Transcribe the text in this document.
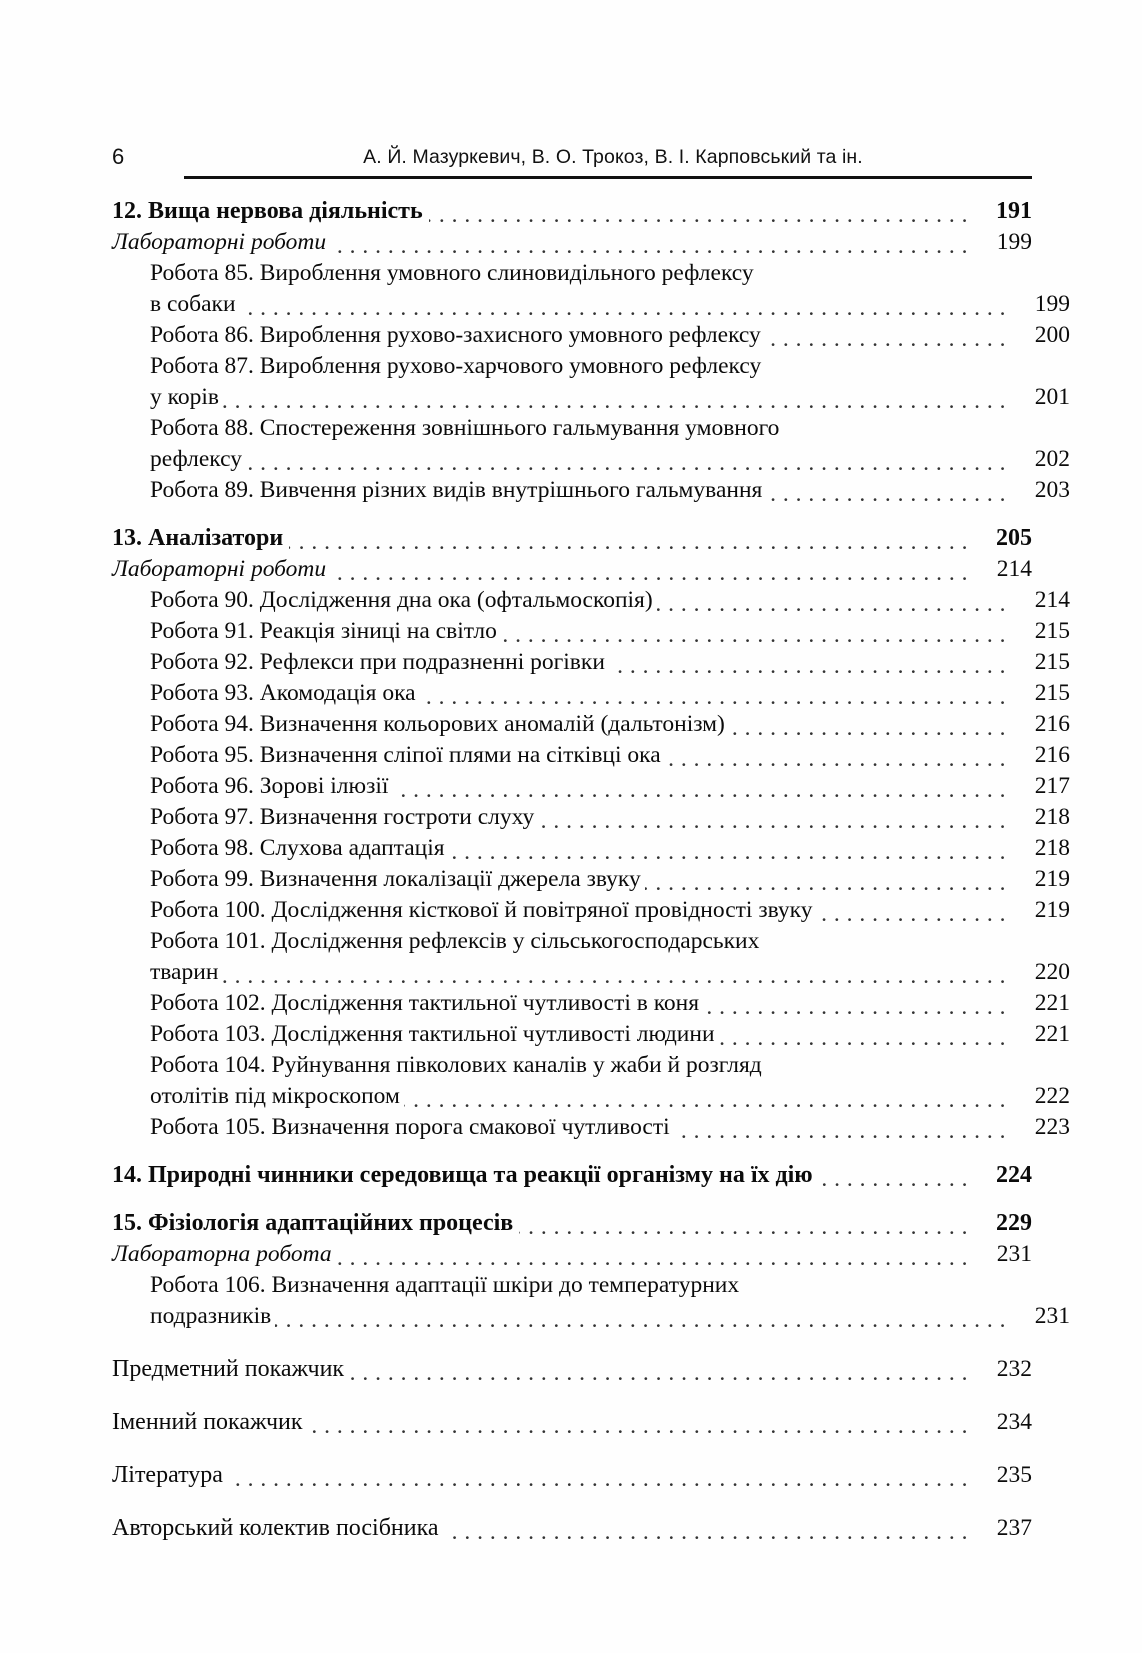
6	А. Й. Мазуркевич, В. О. Трокоз, В. І. Карповський та ін.
12. Вища нервова діяльність . . .	191
Лабораторні роботи . . .	199
Робота 85. Вироблення умовного слиновидільного рефлексу
в собаки . . .	199
Робота 86. Вироблення рухово-захисного умовного рефлексу . . .	200
Робота 87. Вироблення рухово-харчового умовного рефлексу
у корів . . .	201
Робота 88. Спостереження зовнішнього гальмування умовного
рефлексу . . .	202
Робота 89. Вивчення різних видів внутрішнього гальмування . . .	203
13. Аналізатори . . .	205
Лабораторні роботи . . .	214
Робота 90. Дослідження дна ока (офтальмоскопія) . . .	214
Робота 91. Реакція зіниці на світло . . .	215
Робота 92. Рефлекси при подразненні рогівки . . .	215
Робота 93. Акомодація ока . . .	215
Робота 94. Визначення кольорових аномалій (дальтонізм) . . .	216
Робота 95. Визначення сліпої плями на сітківці ока . . .	216
Робота 96. Зорові ілюзії . . .	217
Робота 97. Визначення гостроти слуху . . .	218
Робота 98. Слухова адаптація . . .	218
Робота 99. Визначення локалізації джерела звуку . . .	219
Робота 100. Дослідження кісткової й повітряної провідності звуку . . .	219
Робота 101. Дослідження рефлексів у сільськогосподарських
тварин . . .	220
Робота 102. Дослідження тактильної чутливості в коня . . .	221
Робота 103. Дослідження тактильної чутливості людини . . .	221
Робота 104. Руйнування півколових каналів у жаби й розгляд
отолітів під мікроскопом . . .	222
Робота 105. Визначення порога смакової чутливості . . .	223
14. Природні чинники середовища та реакції організму на їх дію . . .	224
15. Фізіологія адаптаційних процесів . . .	229
Лабораторна робота . . .	231
Робота 106. Визначення адаптації шкіри до температурних
подразників . . .	231
Предметний покажчик . . .	232
Іменний покажчик . . .	234
Література . . .	235
Авторський колектив посібника . . .	237
